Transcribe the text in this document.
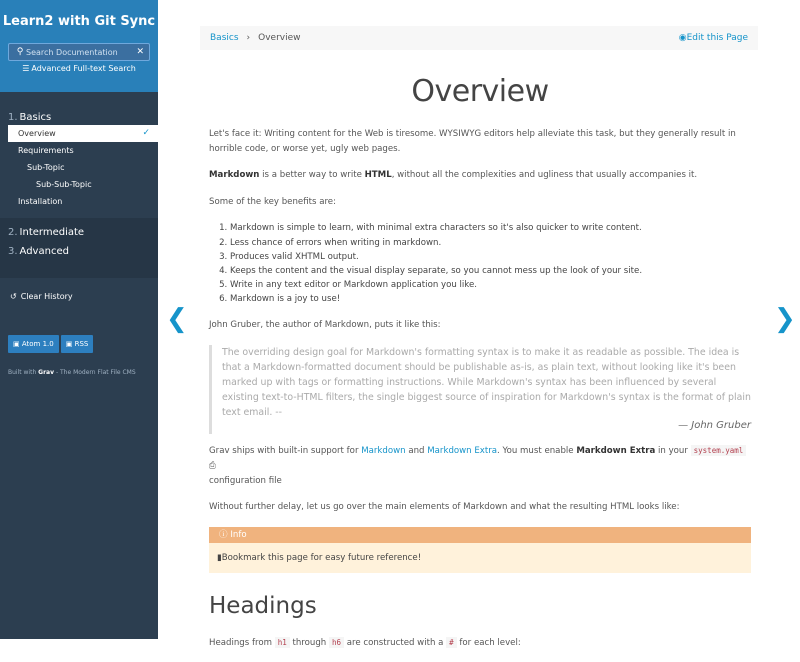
Learn2 with Git Sync
⚲
Search Documentation	✕
☰ Advanced Full-text Search
1. Basics
Overview	✓
Requirements
Sub-Topic
Sub-Sub-Topic
Installation
2. Intermediate
3. Advanced
↺ Clear History
▣ Atom 1.0	▣ RSS
Built with Grav - The Modern Flat File CMS
Basics › Overview	◉Edit this Page
❮	❯
Overview

Let's face it: Writing content for the Web is tiresome. WYSIWYG editors help alleviate this task, but they generally result in horrible code, or worse yet, ugly web pages.

Markdown is a better way to write HTML, without all the complexities and ugliness that usually accompanies it.

Some of the key benefits are:

1. Markdown is simple to learn, with minimal extra characters so it's also quicker to write content.
2. Less chance of errors when writing in markdown.
3. Produces valid XHTML output.
4. Keeps the content and the visual display separate, so you cannot mess up the look of your site.
5. Write in any text editor or Markdown application you like.
6. Markdown is a joy to use!

John Gruber, the author of Markdown, puts it like this:

The overriding design goal for Markdown's formatting syntax is to make it as readable as possible. The idea is that a Markdown-formatted document should be publishable as-is, as plain text, without looking like it's been marked up with tags or formatting instructions. While Markdown's syntax has been influenced by several existing text-to-HTML filters, the single biggest source of inspiration for Markdown's syntax is the format of plain text email. --
— John Gruber

Grav ships with built-in support for Markdown and Markdown Extra. You must enable Markdown Extra in your system.yaml ⎙
configuration file

Without further delay, let us go over the main elements of Markdown and what the resulting HTML looks like:

ⓘ Info
▮Bookmark this page for easy future reference!
Headings

Headings from h1 through h6 are constructed with a # for each level:
